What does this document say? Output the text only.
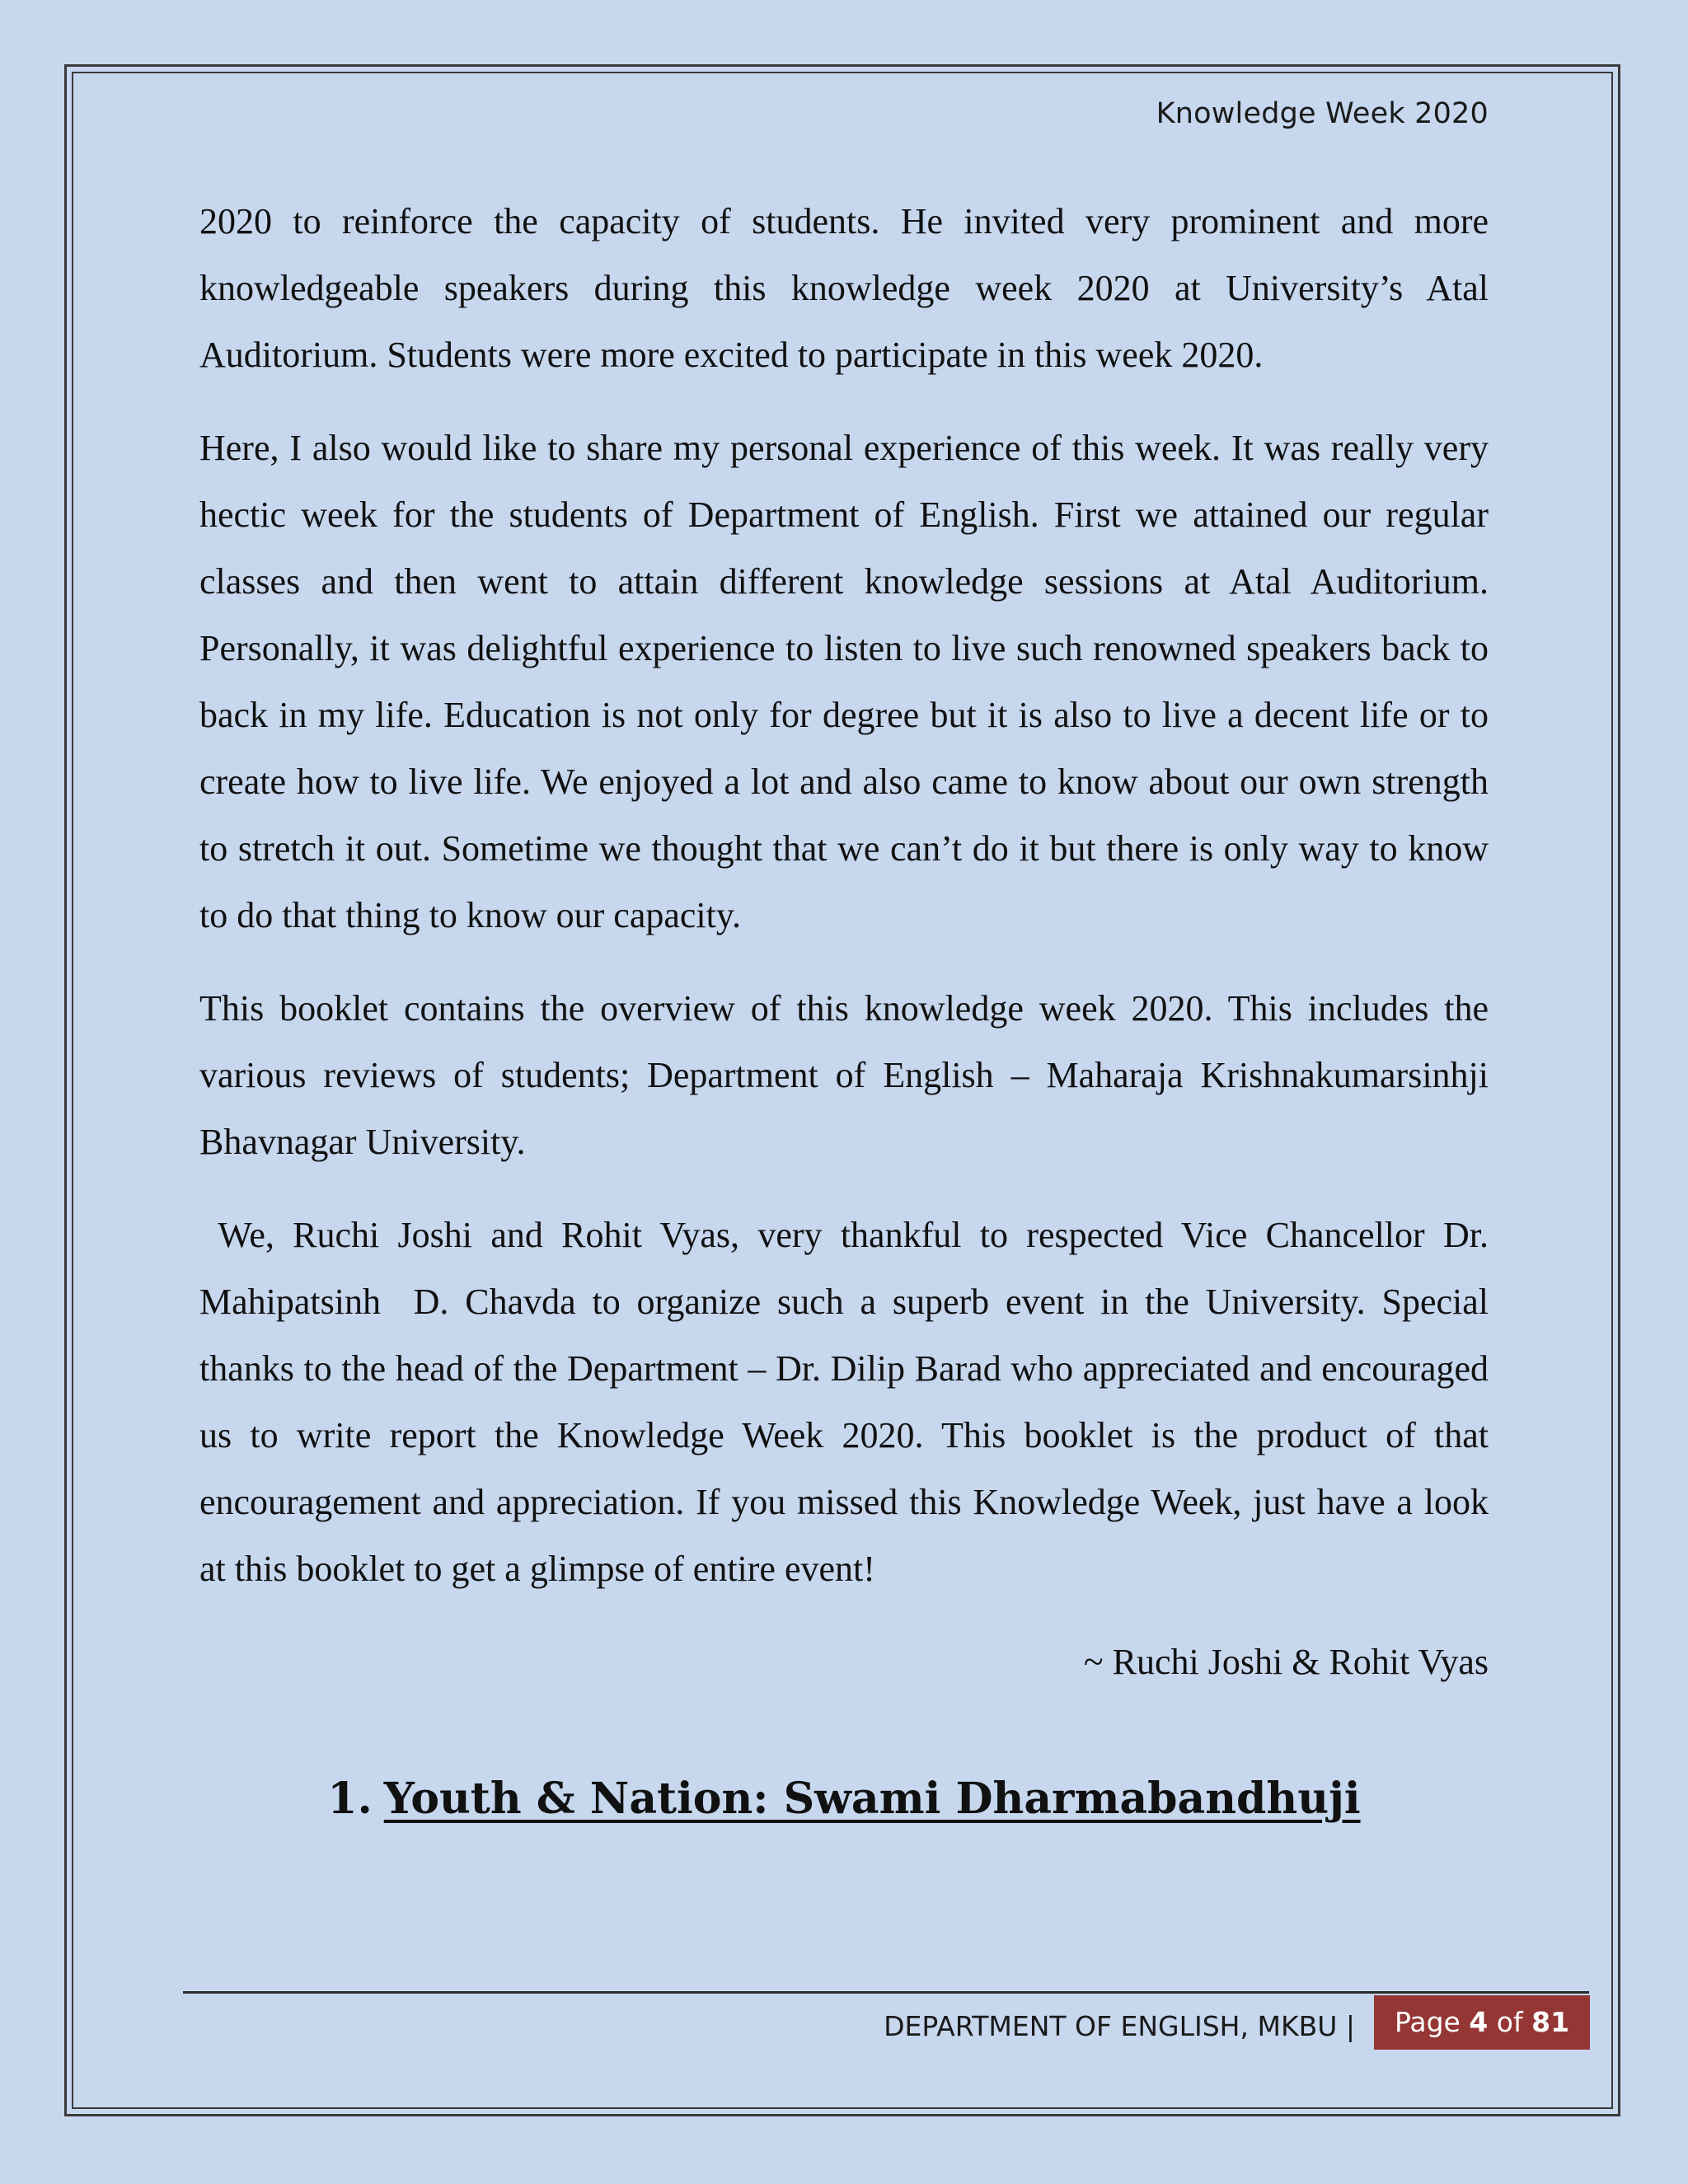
Knowledge Week 2020

2020 to reinforce the capacity of students. He invited very prominent and more knowledgeable speakers during this knowledge week 2020 at University’s Atal Auditorium. Students were more excited to participate in this week 2020.

Here, I also would like to share my personal experience of this week. It was really very hectic week for the students of Department of English. First we attained our regular classes and then went to attain different knowledge sessions at Atal Auditorium. Personally, it was delightful experience to listen to live such renowned speakers back to back in my life. Education is not only for degree but it is also to live a decent life or to create how to live life. We enjoyed a lot and also came to know about our own strength to stretch it out. Sometime we thought that we can’t do it but there is only way to know to do that thing to know our capacity.

This booklet contains the overview of this knowledge week 2020. This includes the various reviews of students; Department of English – Maharaja Krishnakumarsinhji Bhavnagar University.

We, Ruchi Joshi and Rohit Vyas, very thankful to respected Vice Chancellor Dr. Mahipatsinh  D. Chavda to organize such a superb event in the University. Special thanks to the head of the Department – Dr. Dilip Barad who appreciated and encouraged us to write report the Knowledge Week 2020. This booklet is the product of that encouragement and appreciation. If you missed this Knowledge Week, just have a look at this booklet to get a glimpse of entire event!

~ Ruchi Joshi & Rohit Vyas

1. Youth & Nation: Swami Dharmabandhuji
DEPARTMENT OF ENGLISH, MKBU |	Page 4 of 81
